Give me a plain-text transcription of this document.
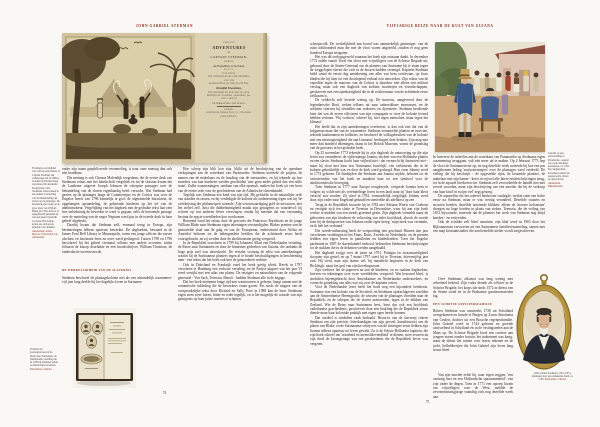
JOHN GABRIEL STEDMAN	VIJFJARIGE REIZE NAAR DE KUST VAN GUIANA
CURIOUS
ADVENTURES
OF
CAPTAIN STEDMAN,
DURING
An Expedition to Surinam,
IN 1773;
INCLUDING
THE STRUGGLES OF THE NEGROES,
AND THE
BARBARITIES OF THE PLANTERS;
Dreadful Executions,
THE MANNER OF SELLING SLAVES,
MUTINY OF SAILORS, SOLDIERS, &c.
AND VARIOUS
INTERESTING ARTICLES.
LONDON:
PRINTED FOR THOMAS TEGG, 111, CHEAPSIDE.
PRICE SIXPENCE.
Frontispice en titelblad van Curious Adventures of Captain Stedman, het volksboekje dat in 1809 te Londen bij Thomas Tegg verscheen. De anonieme houtgraveur vatte Stedmans relaas samen in een enkele voorstelling van de mishandeling der slaven op de plantages. De houtsnede gaat terug op de grote plaat van William Blake uit 1796, maar is in spiegelbeeld gesneden en van een nieuw bijschrift voorzien. Het boekje kostte zes stuivers en beleefde vier drukken. Amsterdam, Allard Pierson, Universiteit van Amsterdam.

onder zijn naam gepubliceerde verzameling, is naar onze mening dan ook niet houdbaar.

Die mening is ook Chenoa Molendijk toegedaan, die de eerste druk van Stedmans relaas met het handschrift vergeleek en tot de slotsom kwam dat de Londense uitgever Joseph Johnson de scherpste passages over de behandeling van de slaven eigenhandig heeft verzacht. Wat Stedman had gezien op de plantages langs de Commewijne en de Cottica was voor de Engelse lezers van 1796 kennelijk te grof: de afgeranselde huisslavin, de opgehangen opstandeling, de geketende kinderen op het erf van de administrateur. Vergelijking van het dagboek met de gedrukte tekst laat zien hoe stelselmatig de bewerker te werk is gegaan; zelfs de beroemde passage over de marteling van de neger Neptune werd pas in de tweede druk in haar geheel afgedrukt.

Daarbij kwam dat Stedman zelf, eenmaal terug in Europa, zijn herinneringen telkens opnieuw bewerkte. De dagboeken, bewaard in de James Ford Bell Library te Minneapolis, tonen een jonge officier die tussen afschuw en fascinatie heen en weer werd geslingerd. Tussen 1790 en 1796 herschreef hij het geheel viermaal, telkens met andere accenten, totdat Johnson de knoop doorhakte en een broodschrijver, William Thomson, de eindredactie toevertrouwde.

DE WERKELIJKHEID VAN DE SLAVERNIJ

Stedman beschreef de plantagekolonie niet als een afstandelijk waarnemer: vijf jaar lang deelde hij het dagelijks leven in Suriname.

Titelblad en portretgravures uit de Reize naar Surinamen, de Nederlandse vertaling die in 1799 bij Johannes Allart te Amsterdam verscheen. Particuliere collectie.

Hoe scherp zijn blik kon zijn, blijkt uit de beschrijving van de openbare verkopingen aan de waterkant van Paramaribo. Stedman noteerde de prijzen, de namen van de makelaars en de houding van de omstanders, en hij tekende op hoe moeders van hun kinderen werden gescheiden 'met geen ander geluid dan een stille traan'. Zulke waarnemingen, ontdaan van elke opsmuk, maken het boek tot een bron van de eerste orde voor de geschiedenis van de Atlantische slavenhandel.

Tegelijk was Stedman een kind van zijn tijd. Hij geloofde in de natuurlijke orde van standen en rassen, en hij verdedigde de kolonie als onderneming tegen wat hij 'de overdrijving der philantropen' noemde. Zijn verontwaardiging gold de uitwassen, niet het stelsel zelf. Juist die dubbelzinnigheid maakt zijn getuigenis zo waardevol: hij schreef op wat anderen liever verzwegen, omdat hij meende dat een verstandig bestuur de ergste wreedheden kon voorkomen.

Beroemd werd het relaas door de gravures die Francesco Bartolozzi en de jonge William Blake naar Stedmans eigen tekeningen vervaardigden. Blakes prenten van de gemartelde slaaf aan de galg en van de 'Europeaan, ondersteund door Afrika en Amerika' behoren tot de indringendste beelden die de achttiende eeuw heeft voortgebracht, en zij werden door de abolitionisten gretig verspreid.

In de Republiek verscheen in 1799 bij Johannes Allart een Nederlandse vertaling, de Reize naar Surinamen en door de binnenste gedeelten van Guiana, die ondanks de hoge prijs snel was uitverkocht. De vertaler voorzag de tekst van aantekeningen waarin hij de Surinaamse planters tegen al te boude beschuldigingen in bescherming nam - een teken dat het boek ook hier de gemoederen verhitte.

Ook in Duitsland en Frankrijk vond het boek gretig aftrek. Reeds in 1797 verscheen te Hamburg een verkorte vertaling, en de Parijse uitgave van het jaar VI werd verrijkt met een atlas van platen. De reizigers en naturalisten van de volgende generatie - Von Sack, Teenstra, Benoit - hadden Stedman alle in de bagage.

Dat het boek niettemin lange tijd met wantrouwen is gelezen, hangt samen met de romantische inkleding die de bewerkers eraan gaven. Pas sinds de uitgave van de oorspronkelijke tekst door Richard en Sally Price in 1988 kan de lezer Stedmans eigen stem weer horen, bitter en teder tegelijk, en is het mogelijk de waarde van zijn getuigenis op haar juiste merites te schatten.

74

scheepsvolk. De werkelijkheid aan boord was aanmerkelijk grimmiger: van de ruim achthonderd man die met de vloot waren uitgezeild, zouden er nog geen honderd Europa terugzien.

Het was dit oorlogsgeweld waaraan het boek zijn ontstaan dankt. In december 1772 zeilde vanuit Texel een vloot met vrijwilligers van de Schotse Brigade uit, gehuurd door de Staten-Generaal om de planters van Suriname bij te staan tegen de weggelopen slaven die zich in de bossen hadden verenigd. Kapitein Stedman hield vanaf de eerste dag aantekening van alles wat hem overkwam, op losse bladen die hij later tot een doorlopend verhaal zou omwerken. Zijn relaas van de expeditie tegen de marrons van de Cottica is daardoor niet alleen een militair verslag, maar ook een dagboek van ziekten, muiterijen en vriendschappen, geschreven met een openhartigheid die in de reisliteratuur van de achttiende eeuw zeldzaam is.

De veldtocht zelf leverde weinig op. De marrons, aangevoerd door de legendarische Boni, weken telkens uit naar onbereikbare moerassen, en de soldaten stierven bij tientallen aan rotkoorts en dysenterie. Stedman berekende later dat van de zeven officieren van zijn compagnie er twee de kolonie levend hebben verlaten. 'Wij vochten,' schreef hij, 'niet tegen menschen, maar tegen het klimaat.'

Het beeld dat in zijn aantekeningen overheerst, is dan ook niet dat van de krijgsman maar dat van de waarnemer. Stedman verzamelde planten en insecten, tekende kaaimannen en kolibries, en beschreef de volksgebruiken van de kolonie met een nieuwsgierigheid die aan Linnaeus' leerlingen doet denken. Zijn map met meer dan honderd tekeningen, thans in het British Museum, vormt de grondslag van de gravures in het gedrukte boek.

Op 25 november 1773 tekende hij in zijn dagboek de ontmoeting op die zijn leven zou veranderen: de vijftienjarige Joanna, dochter van een Hollandse planter en een slavin. Stedman kocht haar vrijheid niet - dat vermocht hij financieel niet - maar hij sloot met haar een 'Surinaams huwelijk', een verbintenis die in de kolonie gebruikelijk was en door de kerk werd gedoogd. Hun zoon Johnny werd in 1774 geboren. De bladzijden die Stedman aan Joanna wijdde, behoren tot de ontroerendste van het boek en maakten haar tot een symbool voor de abolitionistische beweging.

Toen Stedman in 1777 naar Europa terugkeerde, weigerde Joanna hem te volgen: zij wilde niet als vreemdelinge leven in een land waar zij 'door haar kleur veracht' zou worden. Zij stierf in 1782, vermoedelijk vergiftigd; Johnny werd door zijn vader naar Engeland gehaald en sneuvelde als adelborst op zee.

Terug in de Republiek trouwde hij in 1782 met Adriana Wierts van Coehorn en vestigde zich ten slotte te Tiverton in Devonshire, waar hij aan zijn boek werkte te midden van een steeds groeiend gezin. Zijn dagboek vermeldt naast de geboorten van zijn kinderen de voltooiing van ieder hoofdstuk, alsook de woede toen hij de drukproeven van Johnson onder ogen kreeg: 'mijn boek was verminkt, en ik heb het verbrand.'

Die woede-uitbarsting heeft de verspreiding niet geschaad. Binnen tien jaar verschenen vertalingen in het Frans, Duits, Zweeds en Nederlands, en de prenten leidden een eigen leven in pamfletten en kinderboeken. Toen het Engelse parlement in 1807 de slavenhandel verbood, behoorden Stedmans beschrijvingen tot de stukken die in de debatten werden aangehaald.

Het dagboek zwijgt over de jaren na 1791. Podagra en zwaarmoedigheid sloopten zijn gestel, en op 7 maart 1797 stierf hij te Tiverton, drieenvijftig jaar oud. Hij werd, naar zijn laatste wil, bij maanlicht begraven in de kerk van Bickleigh, naast het graf van zijn lievelingszoon.

Zijn weduwe liet de papieren na aan de kinderen, en zo raakten dagboeken, brieven en tekeningen over twee werelddelen verspreid. Wat bewaard bleef, is sindsdien bijeengebracht door Amerikaanse en Nederlandse onderzoekers, en vormt de grondslag van alles wat wij over de kapitein weten.

Voor de Nederlandse lezer heeft het boek nog een bijzondere betekenis. Suriname was een kolonie van de Societeit, en Stedmans opdrachtgevers zetelden aan de Amsterdamse Herengracht; de winsten van de plantages vloeiden naar de Republiek, en de schepen die de slaven aanvoerden, lagen in de dokken van Zeeland. Wie de Reize naar Surinamen leest, leest dus ook een hoofdstuk vaderlandse geschiedenis, geschreven door een huurling die de Republiek trouw diende maar haar koloniale praktijk met eigen ogen leerde kennen.

Dat oordeel is sindsdien vaak herhaald. Historici van de slavernij citeren Stedman om zijn precisie, letterkundigen om zijn gevoel, kunsthistorici om de platen van Blake; en de Surinaamse schrijvers van de twintigste eeuw hebben zijn Joanna telkens opnieuw tot leven gewekt. Zo is de Schots-Hollandse kapitein, die zijn boek schreef om 'waarheid en menschlievendheid' te dienen, twee eeuwen na zijn dood de kroongetuige van een geschiedenis die de Republiek liever was vergeten.

Gezicht op een slavenveiling te Paramaribo, aquarel door een onbekend kunstenaar, ca. 1831. Pas aangekomen kolonisten nemen de aangevoerde slaven in ogenschouw. Amsterdam, Rijksmuseum.

In hoeverre de taferelen aan de waterkant van Paramaribo op Stedmans eigen waarneming teruggaan, valt niet meer uit te maken. Op 2 februari 1773 liep de vloot de Surinamerivier op, en nog dezelfde week noteerde hij hoe een pas aangekomen lading 'zoutwaternegers' over de plantages werd verdeeld. De veiling die hij beschrijft - de opgestelde rijen, de keurende planters, de makelaar met zijn hamer - keert in vrijwel alle latere reisbeschrijvingen terug, tot in de aquarel hierboven toe. Stedman zelf veroordeelde de handel niet met zoveel woorden, maar zijn beschrijving van een moeder die bij de verkoop van haar kind 'in zwijm viel' zegt genoeg.

De aquarellist die het tafereel hierboven vastlegde, werkte ruim een halve eeuw na Stedman, maar er was weinig veranderd. Dezelfde waaiers en strooien hoeden, dezelfde taxerende blikken; alleen de 'nieuwe kolonisten' droegen nu hoge hoeden in plaats van steken. Teenstra, die de veiling van 1831 bijwoonde, noteerde dat de planters het werk van Stedman nog altijd kenden - en verfoeiden.

Ook de schilder zelf bleef anoniem; zijn blad werd in 1903 door het Rijksmuseum verworven uit een Surinaamse familieverzameling, samen met een map kostuumstudies die aan hetzelfde atelier wordt toegeschreven.

Over Stedmans afkomst was lang weinig met zekerheid bekend. Zijn vader diende als officier in de Schotse Brigade, het korps dat sinds 1572 in dienst van de Staten stond en in de Brabantse garnizoenssteden lag.

EEN SCHOTSE OFFICIERSFAMILIE

Robert Stedman was omstreeks 1730 uit Schotland overgekomen en huwde te Bergen op Zoom Antoinetta van Ceulen, dochter uit een Bossche regentenfamilie. John Gabriel werd in 1744 geboren en groeide afwisselend in Schotland en in de vestingsteden aan de Maas op. De Schotse Brigade bood een carriere aan jongere zonen zonder fortuin: het traktement was karig, maar de dienst liet ruimte voor lezen, tekenen en de jacht, liefhebberijen die John Gabriel zijn leven lang trouw bleef.

Van zijn moeder erfde hij, naar eigen zeggen, 'een onrustig hart en een Hollandsche spaarzaamheid'; van zijn vader de degen. Toen in 1771 een oproep kwam om vrijwilligers voor de West, meldde de zevenentwintigjarige vaandrig zich nog dezelfde week aan.

John Gabriel Stedman (1744-1797), miniatuur door een onbekende hand, ca. 1783. Particuliere collectie.
75
